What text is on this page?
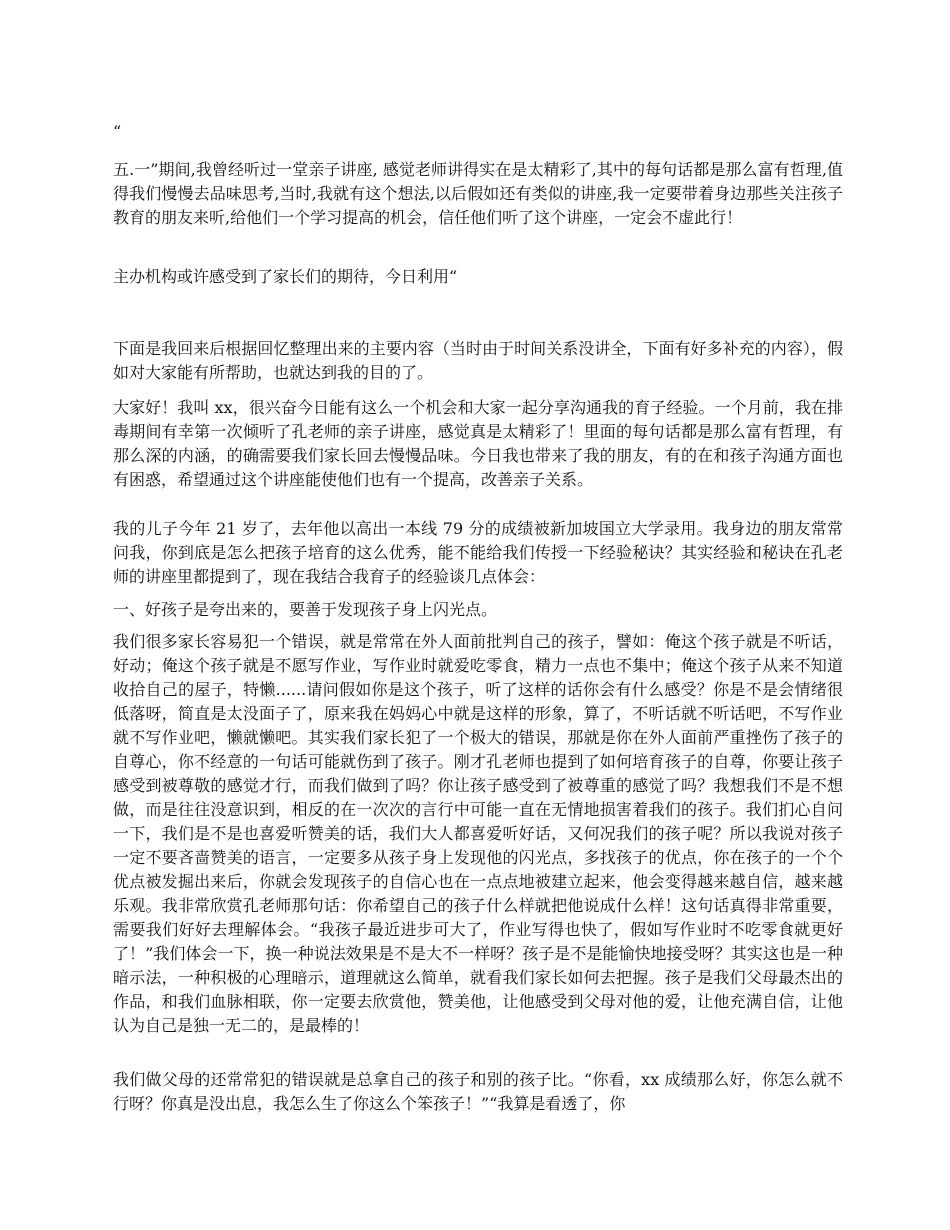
“

五.一”期间,我曾经听过一堂亲子讲座, 感觉老师讲得实在是太精彩了,其中的每句话都是那么富有哲理,值得我们慢慢去品味思考,当时,我就有这个想法,以后假如还有类似的讲座,我一定要带着身边那些关注孩子教育的朋友来听,给他们一个学习提高的机会，信任他们听了这个讲座，一定会不虚此行！

主办机构或许感受到了家长们的期待，今日利用“

下面是我回来后根据回忆整理出来的主要内容（当时由于时间关系没讲全，下面有好多补充的内容），假如对大家能有所帮助，也就达到我的目的了。

大家好！我叫 xx，很兴奋今日能有这么一个机会和大家一起分享沟通我的育子经验。一个月前，我在排毒期间有幸第一次倾听了孔老师的亲子讲座，感觉真是太精彩了！里面的每句话都是那么富有哲理，有那么深的内涵，的确需要我们家长回去慢慢品味。今日我也带来了我的朋友，有的在和孩子沟通方面也有困惑，希望通过这个讲座能使他们也有一个提高，改善亲子关系。

我的儿子今年 21 岁了，去年他以高出一本线 79 分的成绩被新加坡国立大学录用。我身边的朋友常常问我，你到底是怎么把孩子培育的这么优秀，能不能给我们传授一下经验秘诀？其实经验和秘诀在孔老师的讲座里都提到了，现在我结合我育子的经验谈几点体会：

一、好孩子是夸出来的，要善于发现孩子身上闪光点。

我们很多家长容易犯一个错误，就是常常在外人面前批判自己的孩子，譬如：俺这个孩子就是不听话，好动；俺这个孩子就是不愿写作业，写作业时就爱吃零食，精力一点也不集中；俺这个孩子从来不知道收拾自己的屋子，特懒......请问假如你是这个孩子，听了这样的话你会有什么感受？你是不是会情绪很低落呀，简直是太没面子了，原来我在妈妈心中就是这样的形象，算了，不听话就不听话吧，不写作业就不写作业吧，懒就懒吧。其实我们家长犯了一个极大的错误，那就是你在外人面前严重挫伤了孩子的自尊心，你不经意的一句话可能就伤到了孩子。刚才孔老师也提到了如何培育孩子的自尊，你要让孩子感受到被尊敬的感觉才行，而我们做到了吗？你让孩子感受到了被尊重的感觉了吗？我想我们不是不想做，而是往往没意识到，相反的在一次次的言行中可能一直在无情地损害着我们的孩子。我们扪心自问一下，我们是不是也喜爱听赞美的话，我们大人都喜爱听好话，又何况我们的孩子呢？所以我说对孩子一定不要吝啬赞美的语言，一定要多从孩子身上发现他的闪光点，多找孩子的优点，你在孩子的一个个优点被发掘出来后，你就会发现孩子的自信心也在一点点地被建立起来，他会变得越来越自信，越来越乐观。我非常欣赏孔老师那句话：你希望自己的孩子什么样就把他说成什么样！这句话真得非常重要，需要我们好好去理解体会。“我孩子最近进步可大了，作业写得也快了，假如写作业时不吃零食就更好了！”我们体会一下，换一种说法效果是不是大不一样呀？孩子是不是能愉快地接受呀？其实这也是一种暗示法，一种积极的心理暗示，道理就这么简单，就看我们家长如何去把握。孩子是我们父母最杰出的作品，和我们血脉相联，你一定要去欣赏他，赞美他，让他感受到父母对他的爱，让他充满自信，让他认为自己是独一无二的，是最棒的！

我们做父母的还常常犯的错误就是总拿自己的孩子和别的孩子比。“你看，xx 成绩那么好，你怎么就不行呀？你真是没出息，我怎么生了你这么个笨孩子！”“我算是看透了，你
